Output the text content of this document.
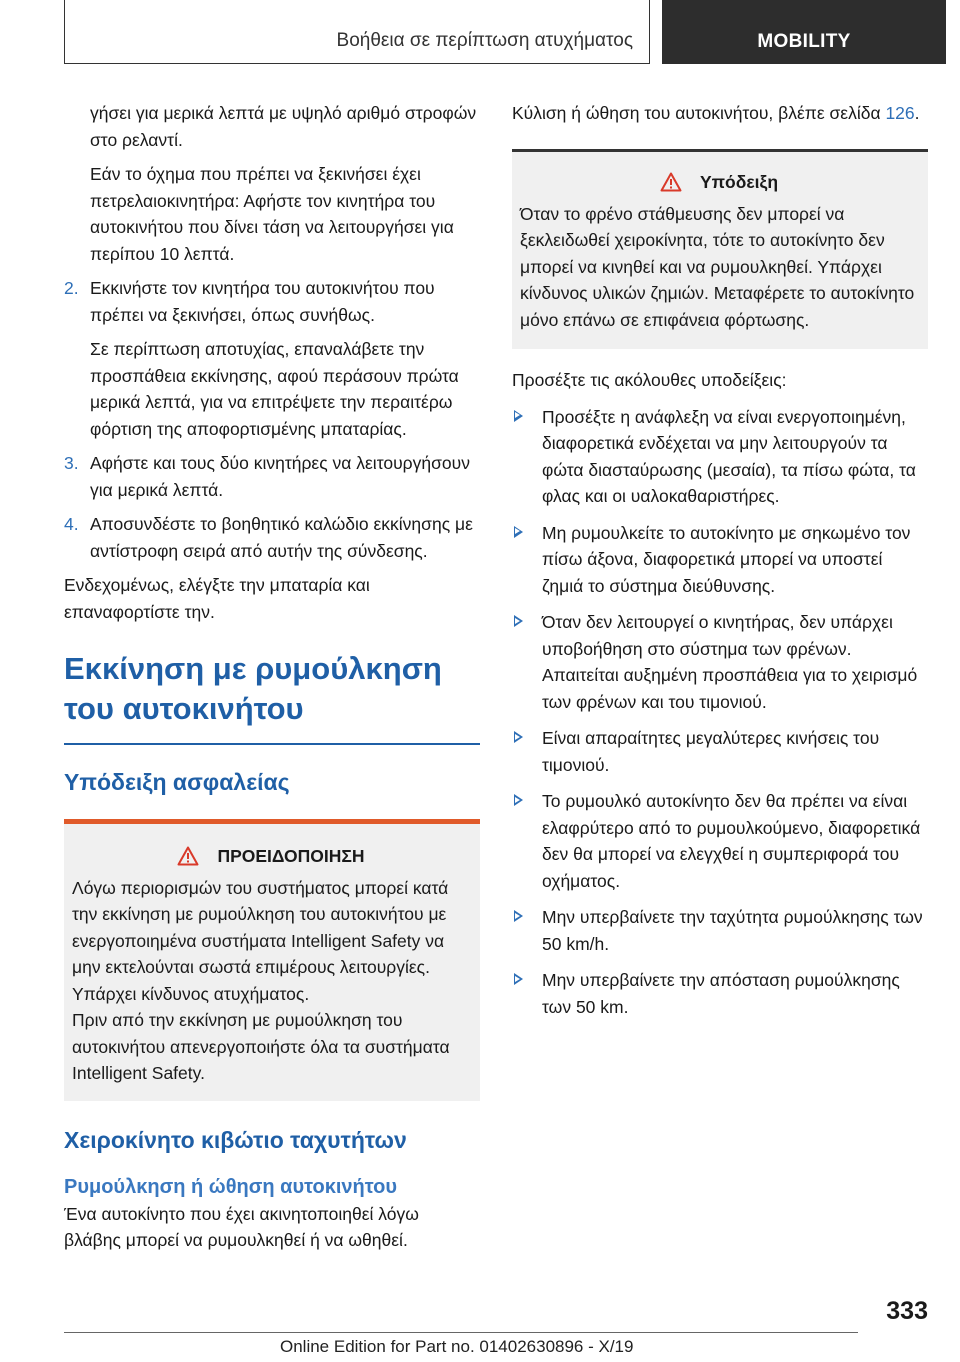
Βοήθεια σε περίπτωση ατυχήματος	MOBILITY

γήσει για μερικά λεπτά με υψηλό αριθμό στροφών στο ρελαντί.

Εάν το όχημα που πρέπει να ξεκινήσει έχει πετρελαιοκινητήρα: Αφήστε τον κινητήρα του αυτοκινήτου που δίνει τάση να λειτουργήσει για περίπου 10 λεπτά.

2. Εκκινήστε τον κινητήρα του αυτοκινήτου που πρέπει να ξεκινήσει, όπως συνήθως.

Σε περίπτωση αποτυχίας, επαναλάβετε την προσπάθεια εκκίνησης, αφού περάσουν πρώτα μερικά λεπτά, για να επιτρέψετε την περαιτέρω φόρτιση της αποφορτισμένης μπαταρίας.

3. Αφήστε και τους δύο κινητήρες να λειτουργήσουν για μερικά λεπτά.

4. Αποσυνδέστε το βοηθητικό καλώδιο εκκίνησης με αντίστροφη σειρά από αυτήν της σύνδεσης.

Ενδεχομένως, ελέγξτε την μπαταρία και επαναφορτίστε την.

Εκκίνηση με ρυμούλκηση του αυτοκινήτου
Υπόδειξη ασφαλείας
ΠΡΟΕΙΔΟΠΟΙΗΣΗ

Λόγω περιορισμών του συστήματος μπορεί κατά την εκκίνηση με ρυμούλκηση του αυτοκινήτου με ενεργοποιημένα συστήματα Intelligent Safety να μην εκτελούνται σωστά επιμέρους λειτουργίες. Υπάρχει κίνδυνος ατυχήματος.

Πριν από την εκκίνηση με ρυμούλκηση του αυτοκινήτου απενεργοποιήστε όλα τα συστήματα Intelligent Safety.

Χειροκίνητο κιβώτιο ταχυτήτων
Ρυμούλκηση ή ώθηση αυτοκινήτου

Ένα αυτοκίνητο που έχει ακινητοποιηθεί λόγω βλάβης μπορεί να ρυμουλκηθεί ή να ωθηθεί.

Κύλιση ή ώθηση του αυτοκινήτου, βλέπε σελίδα 126.

Υπόδειξη

Όταν το φρένο στάθμευσης δεν μπορεί να ξεκλειδωθεί χειροκίνητα, τότε το αυτοκίνητο δεν μπορεί να κινηθεί και να ρυμουλκηθεί. Υπάρχει κίνδυνος υλικών ζημιών. Μεταφέρετε το αυτοκίνητο μόνο επάνω σε επιφάνεια φόρτωσης.

Προσέξτε τις ακόλουθες υποδείξεις:

Προσέξτε η ανάφλεξη να είναι ενεργοποιημένη, διαφορετικά ενδέχεται να μην λειτουργούν τα φώτα διασταύρωσης (μεσαία), τα πίσω φώτα, τα φλας και οι υαλοκαθαριστήρες.

Μη ρυμουλκείτε το αυτοκίνητο με σηκωμένο τον πίσω άξονα, διαφορετικά μπορεί να υποστεί ζημιά το σύστημα διεύθυνσης.

Όταν δεν λειτουργεί ο κινητήρας, δεν υπάρχει υποβοήθηση στο σύστημα των φρένων. Απαιτείται αυξημένη προσπάθεια για το χειρισμό των φρένων και του τιμονιού.

Είναι απαραίτητες μεγαλύτερες κινήσεις του τιμονιού.

Το ρυμουλκό αυτοκίνητο δεν θα πρέπει να είναι ελαφρύτερο από το ρυμουλκούμενο, διαφορετικά δεν θα μπορεί να ελεγχθεί η συμπεριφορά του οχήματος.

Μην υπερβαίνετε την ταχύτητα ρυμούλκησης των 50 km/h.

Μην υπερβαίνετε την απόσταση ρυμούλκησης των 50 km.

333
Online Edition for Part no. 01402630896 - X/19
